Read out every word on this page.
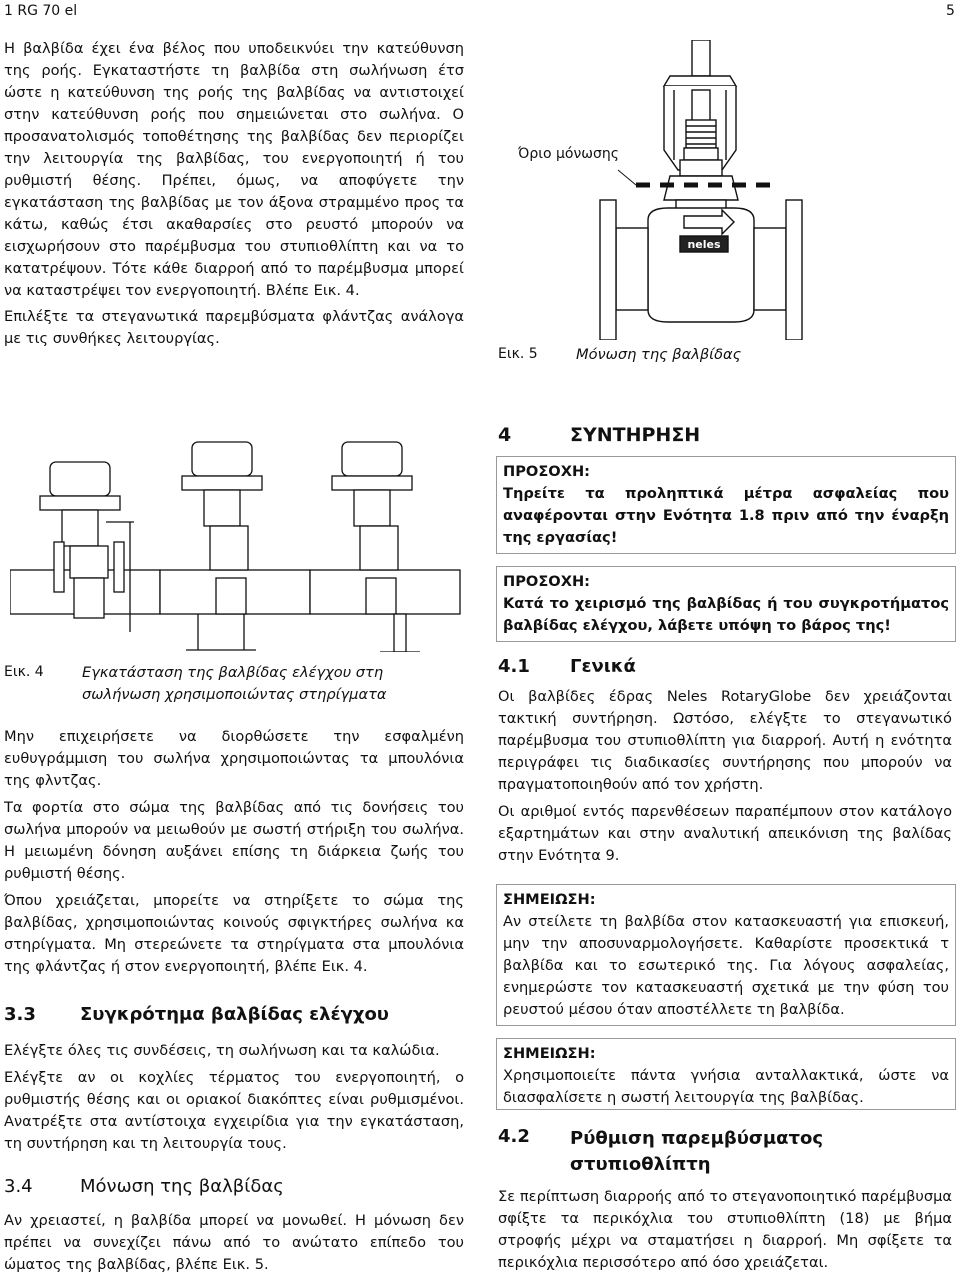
1 RG 70 el	5

Η βαλβίδα έχει ένα βέλος που υποδεικνύει την κατεύθυνση της ροής. Εγκαταστήστε τη βαλβίδα στη σωλήνωση έτσ ώστε η κατεύθυνση της ροής της βαλβίδας να αντιστοιχεί στην κατεύθυνση ροής που σημειώνεται στο σωλήνα. Ο προσανατολισμός τοποθέτησης της βαλβίδας δεν περιορίζει την λειτουργία της βαλβίδας, του ενεργοποιητή ή του ρυθμιστή θέσης. Πρέπει, όμως, να αποφύγετε την εγκατάσταση της βαλβίδας με τον άξονα στραμμένο προς τα κάτω, καθώς έτσι ακαθαρσίες στο ρευστό μπορούν να εισχωρήσουν στο παρέμβυσμα του στυπιοθλίπτη και να το κατατρέψουν. Τότε κάθε διαρροή από το παρέμβυσμα μπορεί να καταστρέψει τον ενεργοποιητή. Βλέπε Εικ. 4.

Επιλέξτε τα στεγανωτικά παρεμβύσματα φλάντζας ανάλογα με τις συνθήκες λειτουργίας.

neles
Όριο μόνωσης
Εικ. 5	Μόνωση της βαλβίδας
Εικ. 4	Εγκατάσταση της βαλβίδας ελέγχου στη σωλήνωση χρησιμοποιώντας στηρίγματα

Μην επιχειρήσετε να διορθώσετε την εσφαλμένη ευθυγράμμιση του σωλήνα χρησιμοποιώντας τα μπουλόνια της φλντζας.

Τα φορτία στο σώμα της βαλβίδας από τις δονήσεις του σωλήνα μπορούν να μειωθούν με σωστή στήριξη του σωλήνα. Η μειωμένη δόνηση αυξάνει επίσης τη διάρκεια ζωής του ρυθμιστή θέσης.

Όπου χρειάζεται, μπορείτε να στηρίξετε το σώμα της βαλβίδας, χρησιμοποιώντας κοινούς σφιγκτήρες σωλήνα κα στηρίγματα. Μη στερεώνετε τα στηρίγματα στα μπουλόνια της φλάντζας ή στον ενεργοποιητή, βλέπε Εικ. 4.

3.3 Συγκρότημα βαλβίδας ελέγχου

Ελέγξτε όλες τις συνδέσεις, τη σωλήνωση και τα καλώδια.

Ελέγξτε αν οι κοχλίες τέρματος του ενεργοποιητή, ο ρυθμιστής θέσης και οι οριακοί διακόπτες είναι ρυθμισμένοι. Ανατρέξτε στα αντίστοιχα εγχειρίδια για την εγκατάσταση, τη συντήρηση και τη λειτουργία τους.

3.4	Μόνωση της βαλβίδας

Αν χρειαστεί, η βαλβίδα μπορεί να μονωθεί. Η μόνωση δεν πρέπει να συνεχίζει πάνω από το ανώτατο επίπεδο του ώματος της βαλβίδας, βλέπε Εικ. 5.

4	ΣΥΝΤΗΡΗΣΗ
ΠΡΟΣΟΧΗ:
Τηρείτε τα προληπτικά μέτρα ασφαλείας που αναφέρονται στην Ενότητα 1.8 πριν από την έναρξη της εργασίας!
ΠΡΟΣΟΧΗ:
Κατά το χειρισμό της βαλβίδας ή του συγκροτήματος βαλβίδας ελέγχου, λάβετε υπόψη το βάρος της!
4.1 Γενικά

Οι βαλβίδες έδρας Neles RotaryGlobe δεν χρειάζονται τακτική συντήρηση. Ωστόσο, ελέγξτε το στεγανωτικό παρέμβυσμα του στυπιοθλίπτη για διαρροή. Αυτή η ενότητα περιγράφει τις διαδικασίες συντήρησης που μπορούν να πραγματοποιηθούν από τον χρήστη.

Οι αριθμοί εντός παρενθέσεων παραπέμπουν στον κατάλογο εξαρτημάτων και στην αναλυτική απεικόνιση της βαλίδας στην Ενότητα 9.

ΣΗΜΕΙΩΣΗ:
Αν στείλετε τη βαλβίδα στον κατασκευαστή για επισκευή, μην την αποσυναρμολογήσετε. Καθαρίστε προσεκτικά τ βαλβίδα και το εσωτερικό της. Για λόγους ασφαλείας, ενημερώστε τον κατασκευαστή σχετικά με την φύση του ρευστού μέσου όταν αποστέλλετε τη βαλβίδα.
ΣΗΜΕΙΩΣΗ:
Χρησιμοποιείτε πάντα γνήσια ανταλλακτικά, ώστε να διασφαλίσετε η σωστή λειτουργία της βαλβίδας.
4.2 Ρύθμιση παρεμβύσματος
στυπιοθλίπτη

Σε περίπτωση διαρροής από το στεγανοποιητικό παρέμβυσμα σφίξτε τα περικόχλια του στυπιοθλίπτη (18) με βήμα στροφής μέχρι να σταματήσει η διαρροή. Μη σφίξετε τα περικόχλια περισσότερο από όσο χρειάζεται.
